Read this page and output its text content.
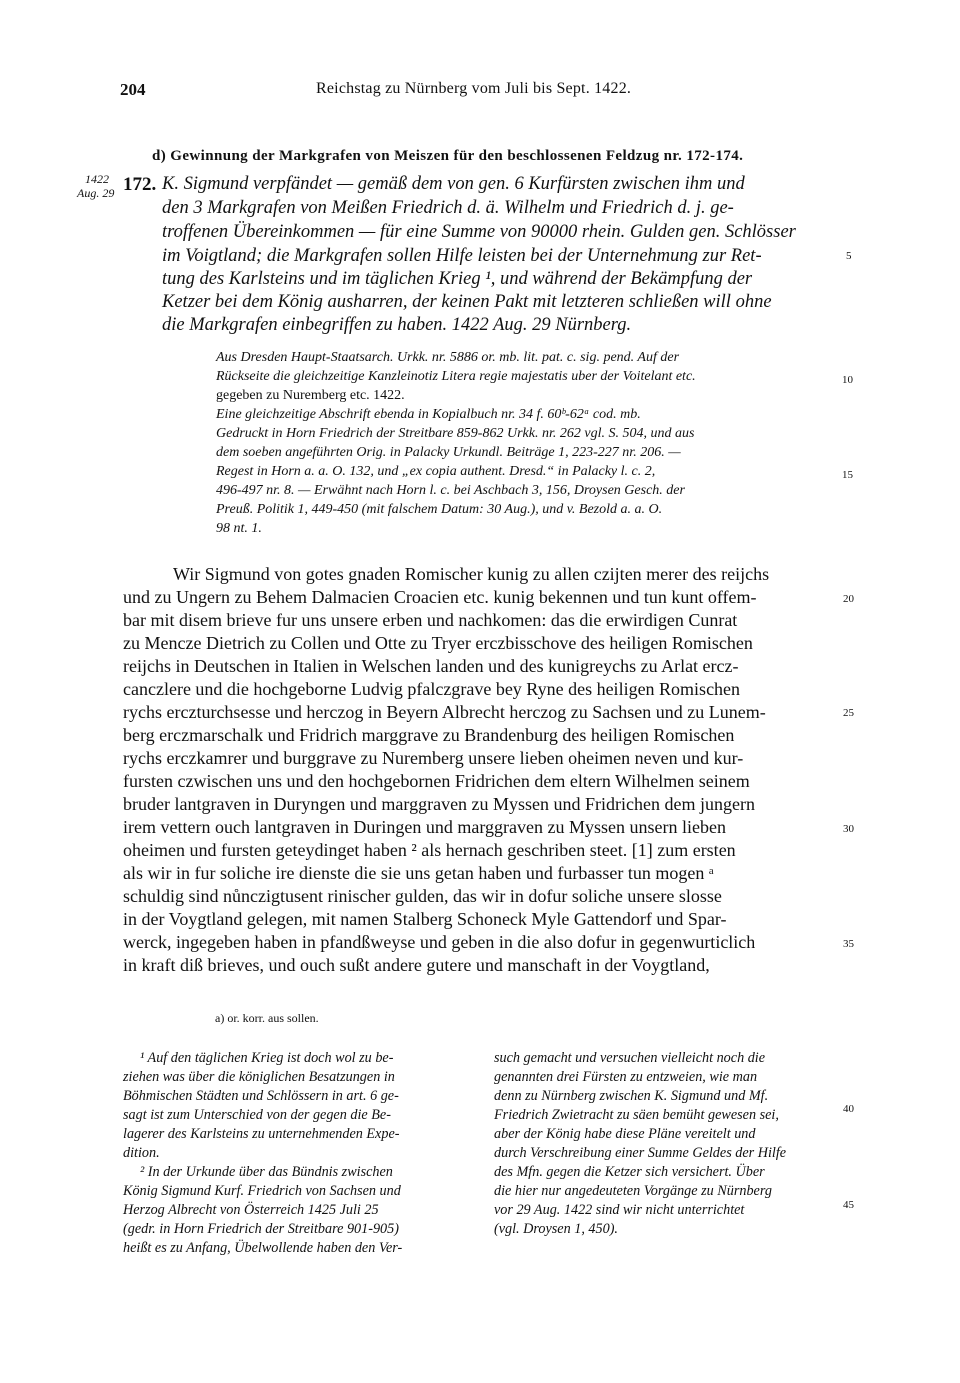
204	Reichstag zu Nürnberg vom Juli bis Sept. 1422.
d) Gewinnung der Markgrafen von Meiszen für den beschlossenen Feldzug nr. 172-174.
1422
Aug. 29 172. K. Sigmund verpfändet — gemäß dem von gen. 6 Kurfürsten zwischen ihm und
den 3 Markgrafen von Meißen Friedrich d. ä. Wilhelm und Friedrich d. j. ge-
troffenen Übereinkommen — für eine Summe von 90000 rhein. Gulden gen. Schlösser
im Voigtland; die Markgrafen sollen Hilfe leisten bei der Unternehmung zur Ret-
tung des Karlsteins und im täglichen Krieg ¹, und während der Bekämpfung der
Ketzer bei dem König ausharren, der keinen Pakt mit letzteren schließen will ohne
die Markgrafen einbegriffen zu haben. 1422 Aug. 29 Nürnberg.
Aus Dresden Haupt-Staatsarch. Urkk. nr. 5886 or. mb. lit. pat. c. sig. pend. Auf der
Rückseite die gleichzeitige Kanzleinotiz Litera regie majestatis uber der Voitelant etc.
gegeben zu Nuremberg etc. 1422.
Eine gleichzeitige Abschrift ebenda in Kopialbuch nr. 34 f. 60ᵇ-62ᵃ cod. mb.
Gedruckt in Horn Friedrich der Streitbare 859-862 Urkk. nr. 262 vgl. S. 504, und aus
dem soeben angeführten Orig. in Palacky Urkundl. Beiträge 1, 223-227 nr. 206. —
Regest in Horn a. a. O. 132, und „ex copia authent. Dresd.“ in Palacky l. c. 2,
496-497 nr. 8. — Erwähnt nach Horn l. c. bei Aschbach 3, 156, Droysen Gesch. der
Preuß. Politik 1, 449-450 (mit falschem Datum: 30 Aug.), und v. Bezold a. a. O.
98 nt. 1.
Wir Sigmund von gotes gnaden Romischer kunig zu allen czijten merer des reijchs
und zu Ungern zu Behem Dalmacien Croacien etc. kunig bekennen und tun kunt offem-
bar mit disem brieve fur uns unsere erben und nachkomen: das die erwirdigen Cunrat
zu Mencze Dietrich zu Collen und Otte zu Tryer erczbisschove des heiligen Romischen
reijchs in Deutschen in Italien in Welschen landen und des kunigreychs zu Arlat ercz-
canczlere und die hochgeborne Ludvig pfalczgrave bey Ryne des heiligen Romischen
rychs erczturchsesse und herczog in Beyern Albrecht herczog zu Sachsen und zu Lunem-
berg erczmarschalk und Fridrich marggrave zu Brandenburg des heiligen Romischen
rychs erczkamrer und burggrave zu Nuremberg unsere lieben oheimen neven und kur-
fursten czwischen uns und den hochgebornen Fridrichen dem eltern Wilhelmen seinem
bruder lantgraven in Duryngen und marggraven zu Myssen und Fridrichen dem jungern
irem vettern ouch lantgraven in Duringen und marggraven zu Myssen unsern lieben
oheimen und fursten geteydinget haben ² als hernach geschriben steet. [1] zum ersten
als wir in fur soliche ire dienste die sie uns getan haben und furbasser tun mogen ᵃ
schuldig sind nůnczigtusent rinischer gulden, das wir in dofur soliche unsere slosse
in der Voygtland gelegen, mit namen Stalberg Schoneck Myle Gattendorf und Spar-
werck, ingegeben haben in pfandßweyse und geben in die also dofur in gegenwurticlich
in kraft diß brieves, und ouch sußt andere gutere und manschaft in der Voygtland,
5
10
15
20
25
30
35
40
45
a) or. korr. aus sollen.
¹ Auf den täglichen Krieg ist doch wol zu be-
ziehen was über die königlichen Besatzungen in
Böhmischen Städten und Schlössern in art. 6 ge-
sagt ist zum Unterschied von der gegen die Be-
lagerer des Karlsteins zu unternehmenden Expe-
dition.
² In der Urkunde über das Bündnis zwischen
König Sigmund Kurf. Friedrich von Sachsen und
Herzog Albrecht von Österreich 1425 Juli 25
(gedr. in Horn Friedrich der Streitbare 901-905)
heißt es zu Anfang, Übelwollende haben den Ver-
such gemacht und versuchen vielleicht noch die
genannten drei Fürsten zu entzweien, wie man
denn zu Nürnberg zwischen K. Sigmund und Mf.
Friedrich Zwietracht zu säen bemüht gewesen sei,
aber der König habe diese Pläne vereitelt und
durch Verschreibung einer Summe Geldes der Hilfe
des Mfn. gegen die Ketzer sich versichert. Über
die hier nur angedeuteten Vorgänge zu Nürnberg
vor 29 Aug. 1422 sind wir nicht unterrichtet
(vgl. Droysen 1, 450).
